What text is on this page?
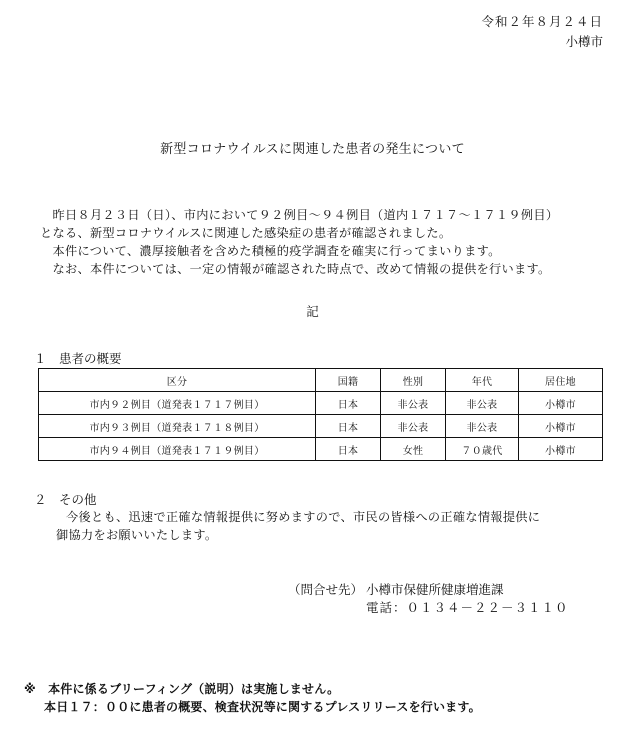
令和２年８月２４日
小樽市
新型コロナウイルスに関連した患者の発生について
　昨日８月２３日（日）、市内において９２例目～９４例目（道内１７１７～１７１９例目）
となる、新型コロナウイルスに関連した感染症の患者が確認されました。
　本件について、濃厚接触者を含めた積極的疫学調査を確実に行ってまいります。
　なお、本件については、一定の情報が確認された時点で、改めて情報の提供を行います。
記
１　患者の概要
区分	国籍	性別	年代	居住地
市内９２例目（道発表１７１７例目）	日本	非公表	非公表	小樽市
市内９３例目（道発表１７１８例目）	日本	非公表	非公表	小樽市
市内９４例目（道発表１７１９例目）	日本	女性	７０歳代	小樽市
２　その他
今後とも、迅速で正確な情報提供に努めますので、市民の皆様への正確な情報提供に
御協力をお願いいたします。
（問合せ先） 小樽市保健所健康増進課
電話：０１３４－２２－３１１０
※　本件に係るブリーフィング（説明）は実施しません。
本日１７：００に患者の概要、検査状況等に関するプレスリリースを行います。
